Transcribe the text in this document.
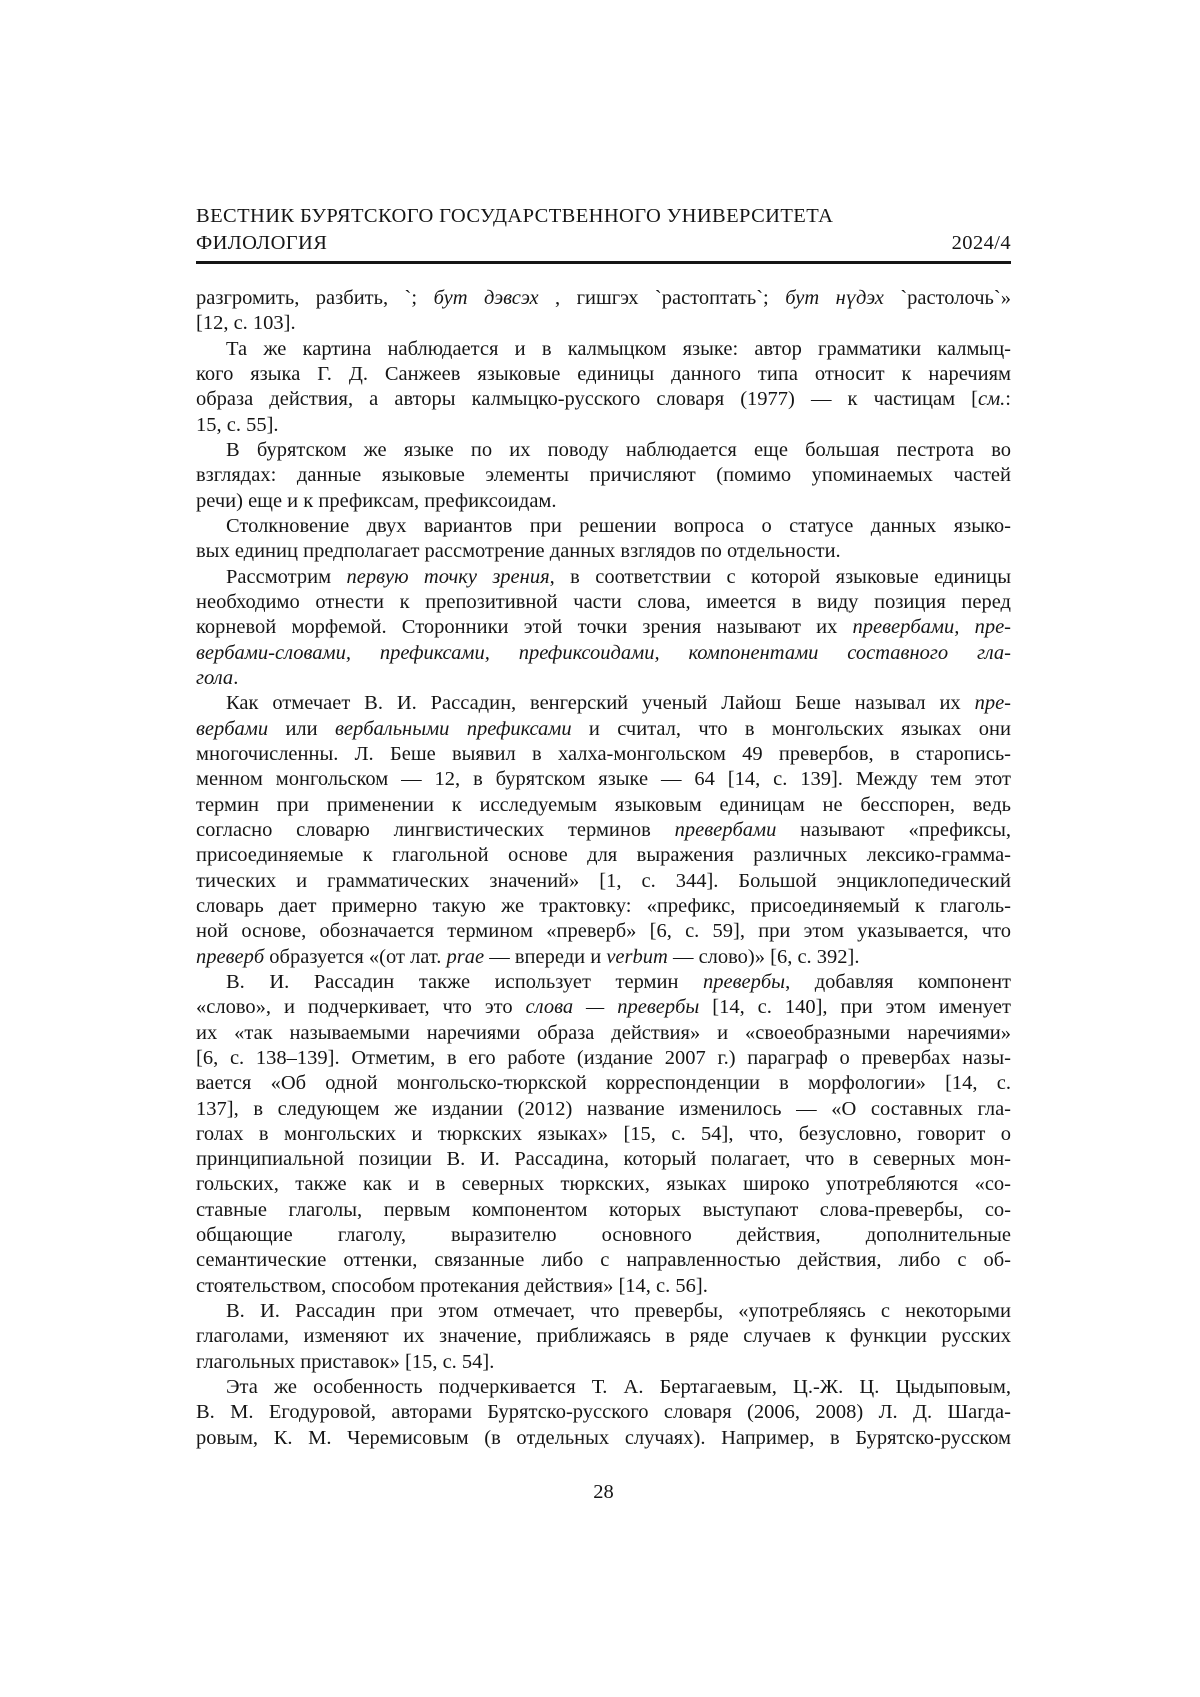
ВЕСТНИК БУРЯТСКОГО ГОСУДАРСТВЕННОГО УНИВЕРСИТЕТА
ФИЛОЛОГИЯ	2024/4
разгромить, разбить, `; бут дэвсэх , гишгэх `растоптать`; бут нүдэх `растолочь`»
[12, с. 103].
Та же картина наблюдается и в калмыцком языке: автор грамматики калмыц-
кого языка Г. Д. Санжеев языковые единицы данного типа относит к наречиям
образа действия, а авторы калмыцко-русского словаря (1977) — к частицам [см.:
15, с. 55].
В бурятском же языке по их поводу наблюдается еще большая пестрота во
взглядах: данные языковые элементы причисляют (помимо упоминаемых частей
речи) еще и к префиксам, префиксоидам.
Столкновение двух вариантов при решении вопроса о статусе данных языко-
вых единиц предполагает рассмотрение данных взглядов по отдельности.
Рассмотрим первую точку зрения, в соответствии с которой языковые единицы
необходимо отнести к препозитивной части слова, имеется в виду позиция перед
корневой морфемой. Сторонники этой точки зрения называют их превербами, пре-
вербами-словами, префиксами, префиксоидами, компонентами составного гла-
гола.
Как отмечает В. И. Рассадин, венгерский ученый Лайош Беше называл их пре-
вербами или вербальными префиксами и считал, что в монгольских языках они
многочисленны. Л. Беше выявил в халха-монгольском 49 превербов, в старопись-
менном монгольском — 12, в бурятском языке — 64 [14, с. 139]. Между тем этот
термин при применении к исследуемым языковым единицам не бесспорен, ведь
согласно словарю лингвистических терминов превербами называют «префиксы,
присоединяемые к глагольной основе для выражения различных лексико-грамма-
тических и грамматических значений» [1, с. 344]. Большой энциклопедический
словарь дает примерно такую же трактовку: «префикс, присоединяемый к глаголь-
ной основе, обозначается термином «преверб» [6, с. 59], при этом указывается, что
преверб образуется «(от лат. prae — впереди и verbum — слово)» [6, с. 392].
В. И. Рассадин также использует термин превербы, добавляя компонент
«слово», и подчеркивает, что это слова — превербы [14, с. 140], при этом именует
их «так называемыми наречиями образа действия» и «своеобразными наречиями»
[6, с. 138–139]. Отметим, в его работе (издание 2007 г.) параграф о превербах назы-
вается «Об одной монгольско-тюркской корреспонденции в морфологии» [14, с.
137], в следующем же издании (2012) название изменилось — «О составных гла-
голах в монгольских и тюркских языках» [15, с. 54], что, безусловно, говорит о
принципиальной позиции В. И. Рассадина, который полагает, что в северных мон-
гольских, также как и в северных тюркских, языках широко употребляются «со-
ставные глаголы, первым компонентом которых выступают слова-превербы, со-
общающие глаголу, выразителю основного действия, дополнительные
семантические оттенки, связанные либо с направленностью действия, либо с об-
стоятельством, способом протекания действия» [14, с. 56].
В. И. Рассадин при этом отмечает, что превербы, «употребляясь с некоторыми
глаголами, изменяют их значение, приближаясь в ряде случаев к функции русских
глагольных приставок» [15, с. 54].
Эта же особенность подчеркивается Т. А. Бертагаевым, Ц.-Ж. Ц. Цыдыповым,
В. М. Егодуровой, авторами Бурятско-русского словаря (2006, 2008) Л. Д. Шагда-
ровым, К. М. Черемисовым (в отдельных случаях). Например, в Бурятско-русском
28
